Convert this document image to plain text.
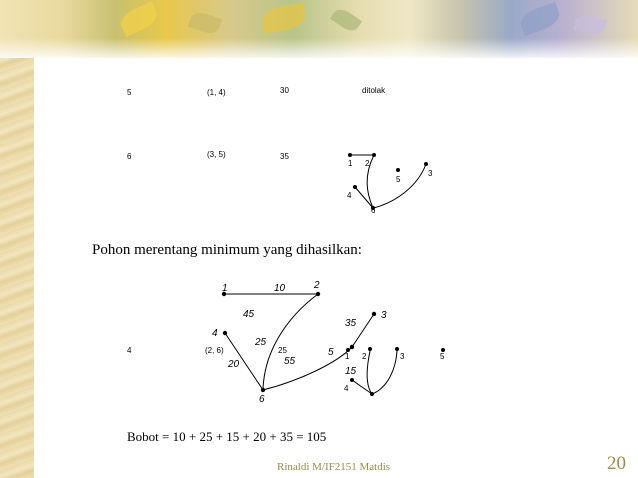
5	(1, 4)	30	ditolak
6	(3, 5)	35
1 2
3
5
4
6
Pohon merentang minimum yang dihasilkan:
4	(2, 6)	25
1	2
3
4
5
6
10
45
35
25
20	55
15
1 2	3	5
4
Bobot = 10 + 25 + 15 + 20 + 35 = 105
Rinaldi M/IF2151 Matdis	20
